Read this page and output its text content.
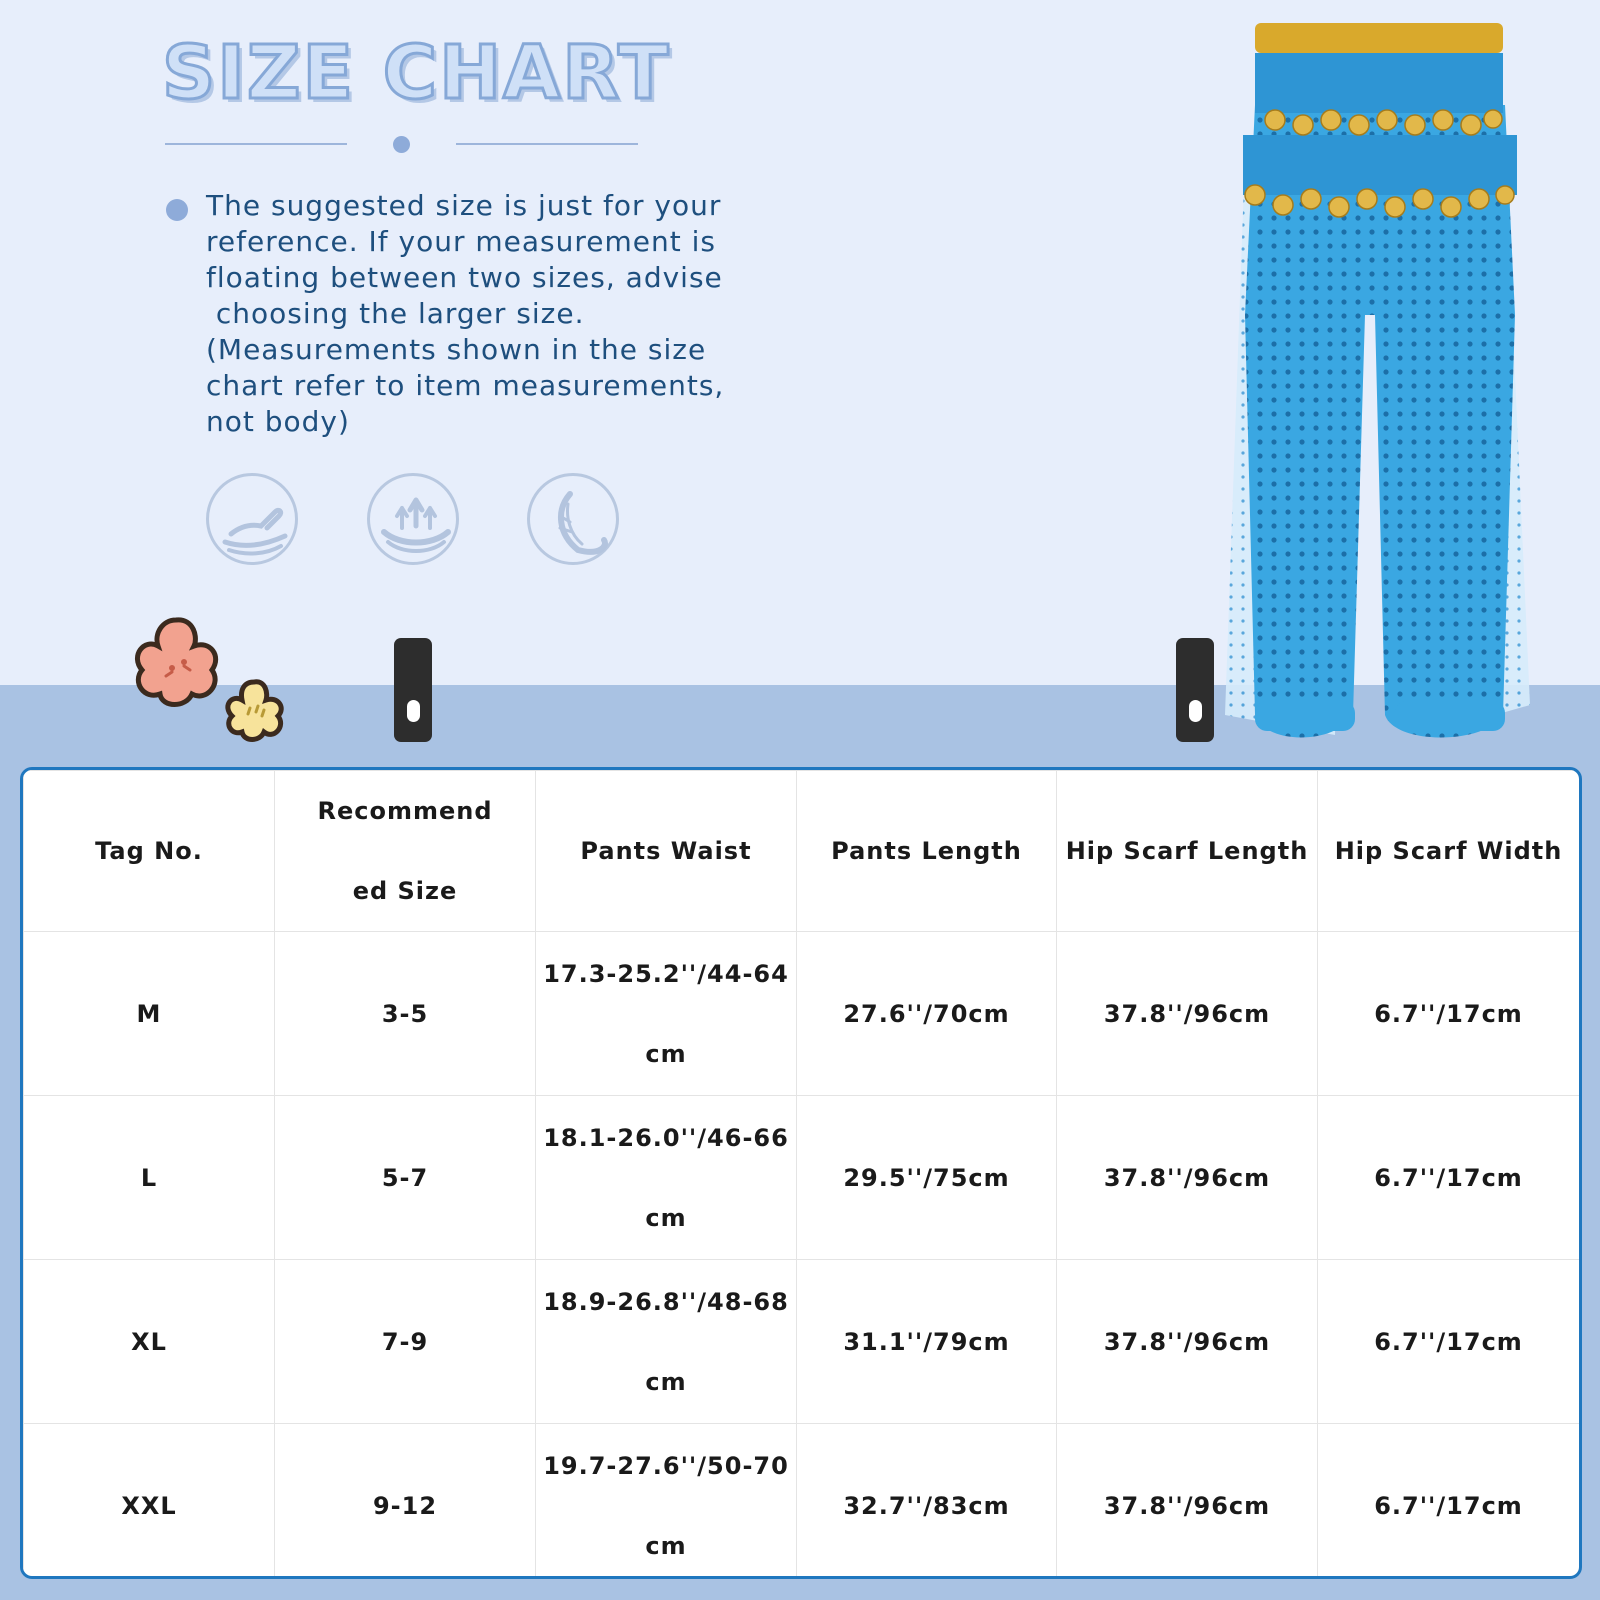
SIZE CHART
The suggested size is just for your
reference. If your measurement is
floating between two sizes, advise
choosing the larger size.
(Measurements shown in the size
chart refer to item measurements,
not body)
Tag No.	Recommended Size	Pants Waist	Pants Length	Hip Scarf Length	Hip Scarf Width
M	3-5	17.3-25.2''/44-64cm	27.6''/70cm	37.8''/96cm	6.7''/17cm
L	5-7	18.1-26.0''/46-66cm	29.5''/75cm	37.8''/96cm	6.7''/17cm
XL	7-9	18.9-26.8''/48-68cm	31.1''/79cm	37.8''/96cm	6.7''/17cm
XXL	9-12	19.7-27.6''/50-70cm	32.7''/83cm	37.8''/96cm	6.7''/17cm
